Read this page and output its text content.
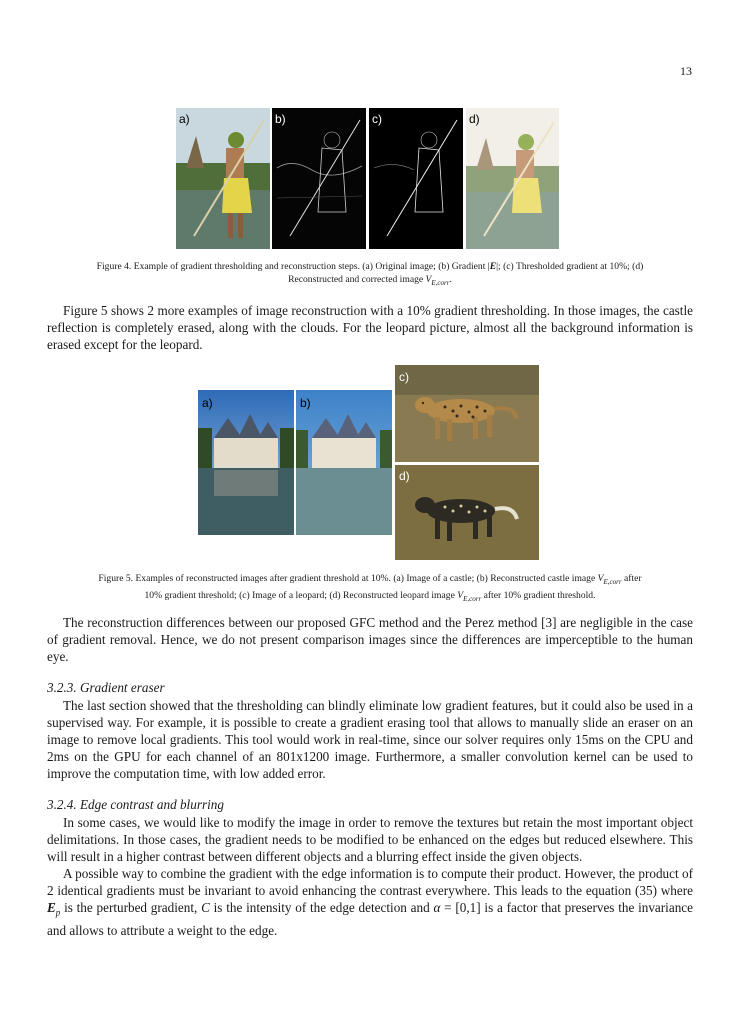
13
a)	b)	c)	d)
Figure 4. Example of gradient thresholding and reconstruction steps. (a) Original image; (b) Gradient |E|; (c) Thresholded gradient at 10%; (d)
Reconstructed and corrected image $V_{E,corr}$.

Figure 5 shows 2 more examples of image reconstruction with a 10% gradient thresholding. In those images, the castle reflection is completely erased, along with the clouds. For the leopard picture, almost all the background information is erased except for the leopard.

a)	b)
c)
d)
Figure 5. Examples of reconstructed images after gradient threshold at 10%. (a) Image of a castle; (b) Reconstructed castle image $V_{E,corr}$ after
10% gradient threshold; (c) Image of a leopard; (d) Reconstructed leopard image $V_{E,corr}$ after 10% gradient threshold.

The reconstruction differences between our proposed GFC method and the Perez method [3] are negligible in the case of gradient removal. Hence, we do not present comparison images since the differences are imperceptible to the human eye.

3.2.3. Gradient eraser

The last section showed that the thresholding can blindly eliminate low gradient features, but it could also be used in a supervised way. For example, it is possible to create a gradient erasing tool that allows to manually slide an eraser on an image to remove local gradients. This tool would work in real-time, since our solver requires only 15ms on the CPU and 2ms on the GPU for each channel of an 801x1200 image. Furthermore, a smaller convolution kernel can be used to improve the computation time, with low added error.

3.2.4. Edge contrast and blurring

In some cases, we would like to modify the image in order to remove the textures but retain the most important object delimitations. In those cases, the gradient needs to be modified to be enhanced on the edges but reduced elsewhere. This will result in a higher contrast between different objects and a blurring effect inside the given objects.

A possible way to combine the gradient with the edge information is to compute their product. However, the product of 2 identical gradients must be invariant to avoid enhancing the contrast everywhere. This leads to the equation (35) where $E_p$ is the perturbed gradient, C is the intensity of the edge detection and α = [0,1] is a factor that preserves the invariance and allows to attribute a weight to the edge.
